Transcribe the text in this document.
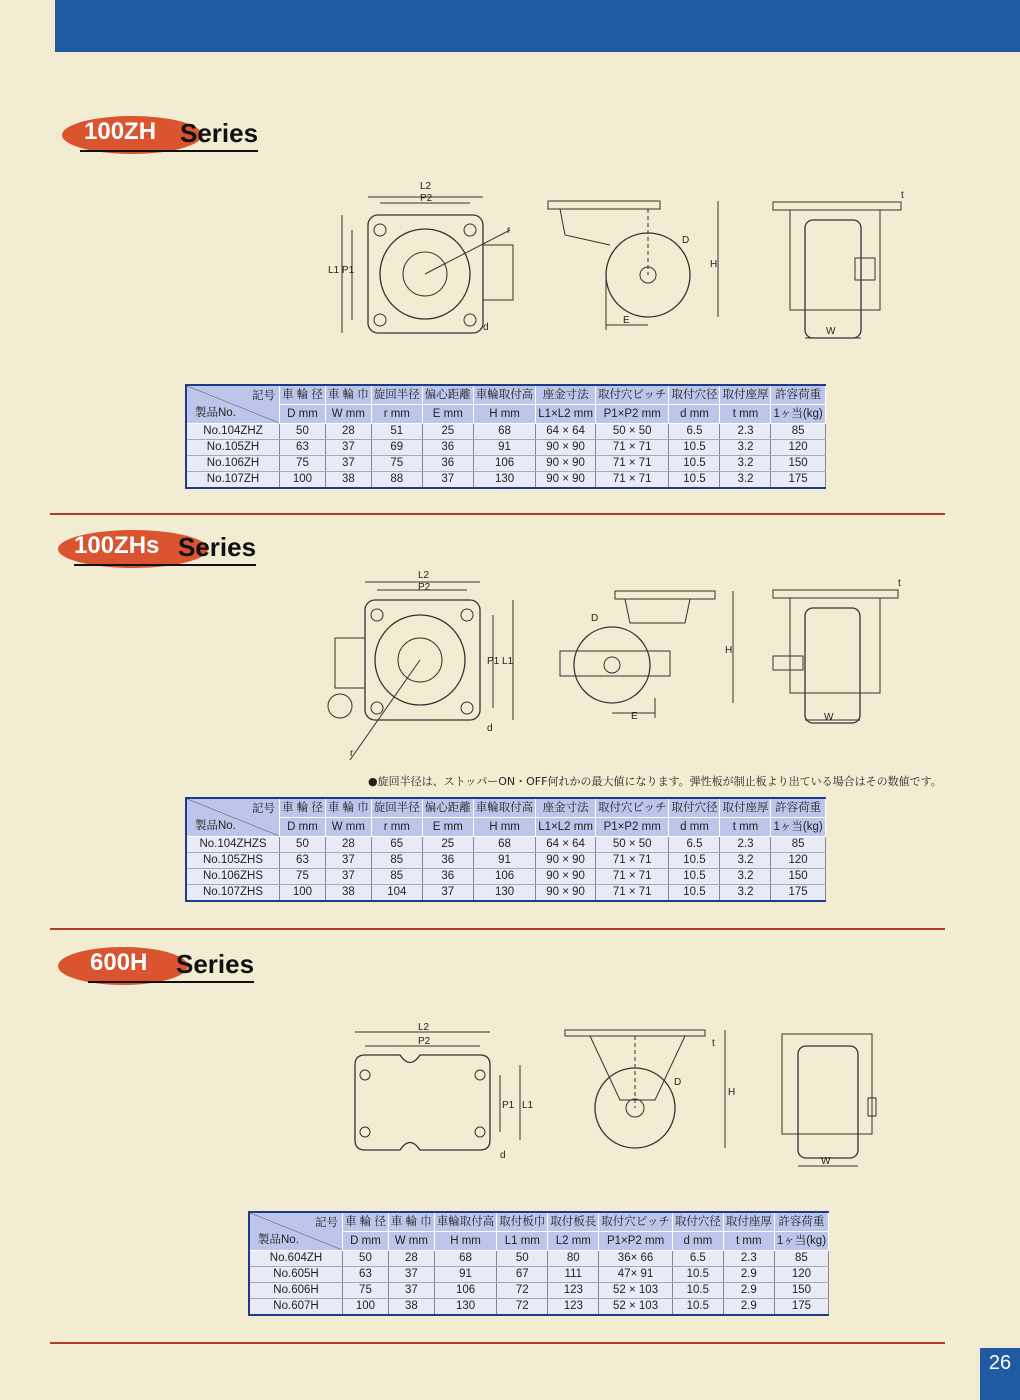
100ZH Series
L2
P2
L1 P1
r
d
D
H
E
W
t
記号
製品No.	車 輪 径	車 輪 巾	旋回半径	偏心距離	車輪取付高	座金寸法	取付穴ピッチ	取付穴径	取付座厚	許容荷重
	D mm	W mm	r mm	E mm	H mm	L1×L2 mm	P1×P2 mm	d mm	t mm	1ヶ当(kg)
No.104ZHZ	50	28	51	25	68	64 × 64	50 × 50	6.5	2.3	85
No.105ZH	63	37	69	36	91	90 × 90	71 × 71	10.5	3.2	120
No.106ZH	75	37	75	36	106	90 × 90	71 × 71	10.5	3.2	150
No.107ZH	100	38	88	37	130	90 × 90	71 × 71	10.5	3.2	175
100ZHs Series
L2
P2
P1 L1
d
r
D
H
E	W
t
●旋回半径は、ストッパーON・OFF何れかの最大値になります。弾性板が制止板より出ている場合はその数値です。
記号
製品No.	車 輪 径	車 輪 巾	旋回半径	偏心距離	車輪取付高	座金寸法	取付穴ピッチ	取付穴径	取付座厚	許容荷重
	D mm	W mm	r mm	E mm	H mm	L1×L2 mm	P1×P2 mm	d mm	t mm	1ヶ当(kg)
No.104ZHZS	50	28	65	25	68	64 × 64	50 × 50	6.5	2.3	85
No.105ZHS	63	37	85	36	91	90 × 90	71 × 71	10.5	3.2	120
No.106ZHS	75	37	85	36	106	90 × 90	71 × 71	10.5	3.2	150
No.107ZHS	100	38	104	37	130	90 × 90	71 × 71	10.5	3.2	175
600H Series
L2
P2
P1 L1
d
D
H
t
W
記号
製品No.	車 輪 径	車 輪 巾	車輪取付高	取付板巾	取付板長	取付穴ピッチ	取付穴径	取付座厚	許容荷重
	D mm	W mm	H mm	L1 mm	L2 mm	P1×P2 mm	d mm	t mm	1ヶ当(kg)
No.604ZH	50	28	68	50	80	36× 66	6.5	2.3	85
No.605H	63	37	91	67	111	47× 91	10.5	2.9	120
No.606H	75	37	106	72	123	52 × 103	10.5	2.9	150
No.607H	100	38	130	72	123	52 × 103	10.5	2.9	175
26
